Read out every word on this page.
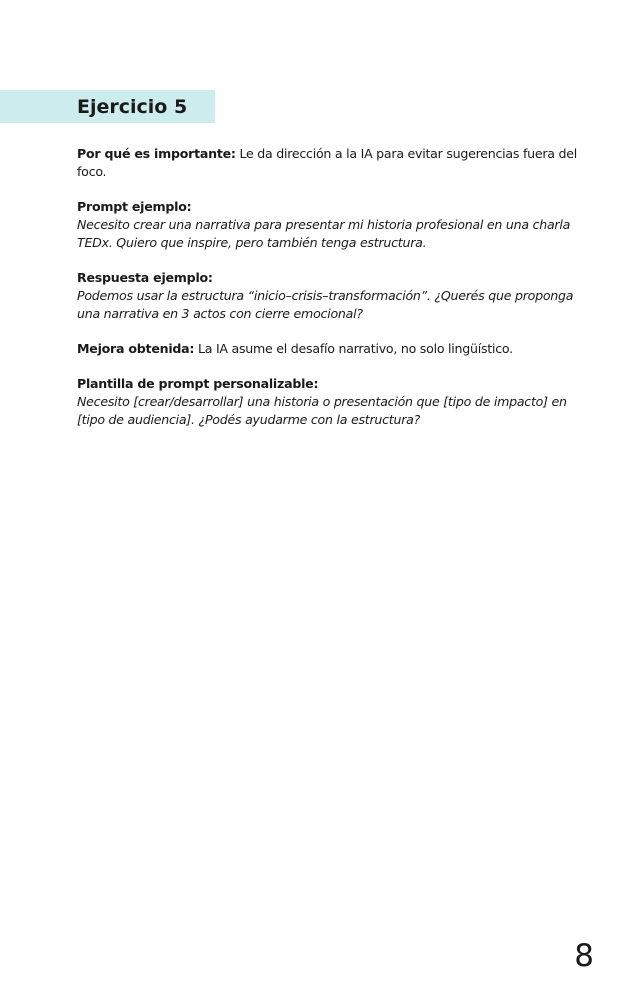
Ejercicio 5

Por qué es importante: Le da dirección a la IA para evitar sugerencias fuera del foco.

Prompt ejemplo:
Necesito crear una narrativa para presentar mi historia profesional en una charla TEDx. Quiero que inspire, pero también tenga estructura.

Respuesta ejemplo:
Podemos usar la estructura “inicio–crisis–transformación”. ¿Querés que proponga una narrativa en 3 actos con cierre emocional?

Mejora obtenida: La IA asume el desafío narrativo, no solo lingüístico.

Plantilla de prompt personalizable:
Necesito [crear/desarrollar] una historia o presentación que [tipo de impacto] en [tipo de audiencia]. ¿Podés ayudarme con la estructura?

8
